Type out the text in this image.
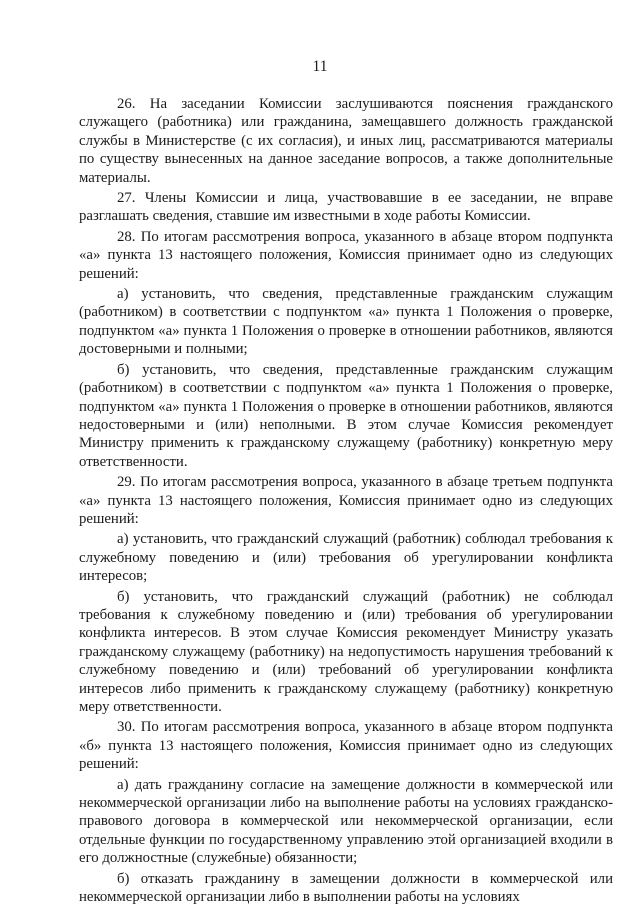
11

26. На заседании Комиссии заслушиваются пояснения гражданского служащего (работника) или гражданина, замещавшего должность гражданской службы в Министерстве (с их согласия), и иных лиц, рассматриваются материалы по существу вынесенных на данное заседание вопросов, а также дополнительные материалы.

27. Члены Комиссии и лица, участвовавшие в ее заседании, не вправе разглашать сведения, ставшие им известными в ходе работы Комиссии.

28. По итогам рассмотрения вопроса, указанного в абзаце втором подпункта «а» пункта 13 настоящего положения, Комиссия принимает одно из следующих решений:

а) установить, что сведения, представленные гражданским служащим (работником) в соответствии с подпунктом «а» пункта 1 Положения о проверке, подпунктом «а» пункта 1 Положения о проверке в отношении работников, являются достоверными и полными;

б) установить, что сведения, представленные гражданским служащим (работником) в соответствии с подпунктом «а» пункта 1 Положения о проверке, подпунктом «а» пункта 1 Положения о проверке в отношении работников, являются недостоверными и (или) неполными. В этом случае Комиссия рекомендует Министру применить к гражданскому служащему (работнику) конкретную меру ответственности.

29. По итогам рассмотрения вопроса, указанного в абзаце третьем подпункта «а» пункта 13 настоящего положения, Комиссия принимает одно из следующих решений:

а) установить, что гражданский служащий (работник) соблюдал требования к служебному поведению и (или) требования об урегулировании конфликта интересов;

б) установить, что гражданский служащий (работник) не соблюдал требования к служебному поведению и (или) требования об урегулировании конфликта интересов. В этом случае Комиссия рекомендует Министру указать гражданскому служащему (работнику) на недопустимость нарушения требований к служебному поведению и (или) требований об урегулировании конфликта интересов либо применить к гражданскому служащему (работнику) конкретную меру ответственности.

30. По итогам рассмотрения вопроса, указанного в абзаце втором подпункта «б» пункта 13 настоящего положения, Комиссия принимает одно из следующих решений:

а) дать гражданину согласие на замещение должности в коммерческой или некоммерческой организации либо на выполнение работы на условиях гражданско-правового договора в коммерческой или некоммерческой организации, если отдельные функции по государственному управлению этой организацией входили в его должностные (служебные) обязанности;

б) отказать гражданину в замещении должности в коммерческой или некоммерческой организации либо в выполнении работы на условиях
